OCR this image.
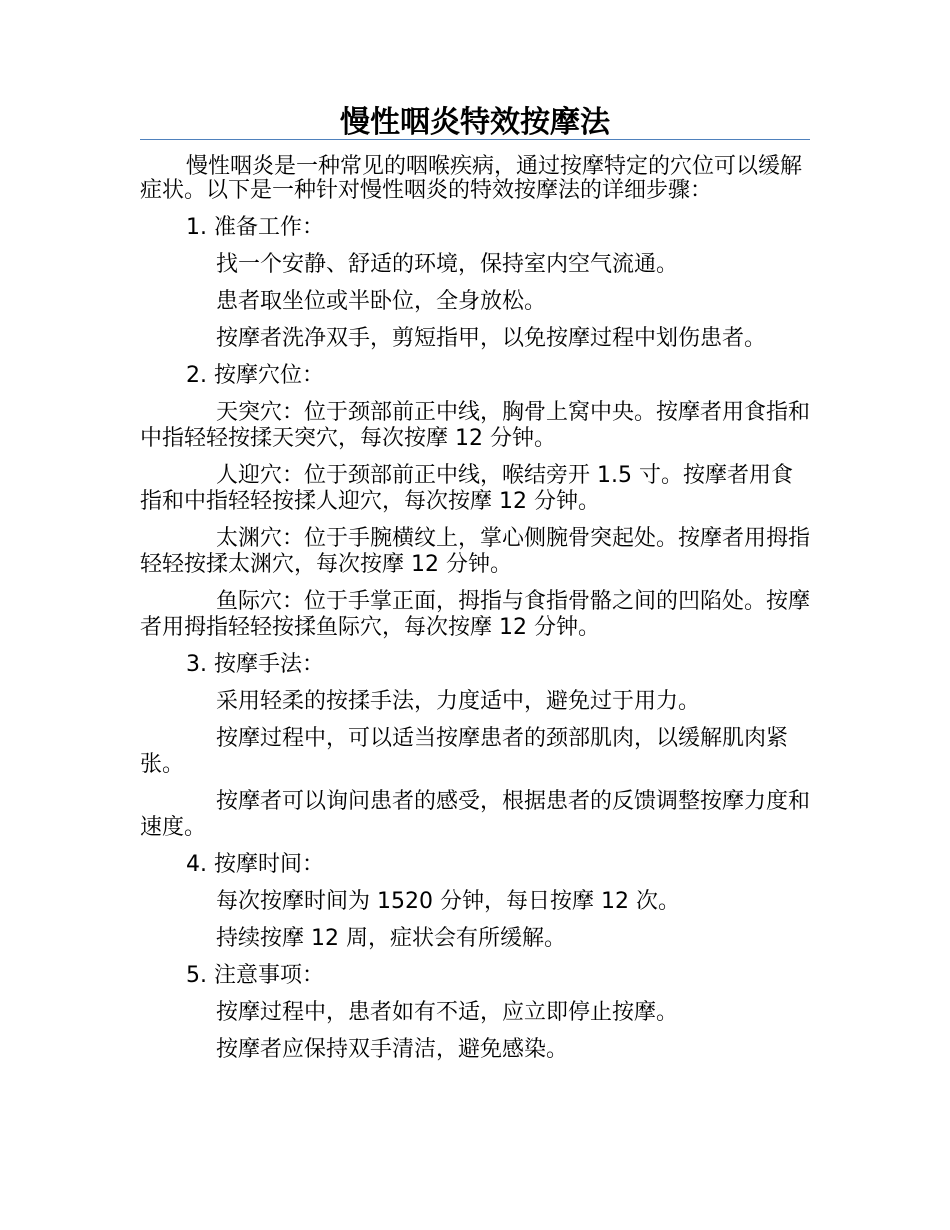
慢性咽炎特效按摩法

慢性咽炎是一种常见的咽喉疾病，通过按摩特定的穴位可以缓解症状。以下是一种针对慢性咽炎的特效按摩法的详细步骤：

1. 准备工作：

找一个安静、舒适的环境，保持室内空气流通。

患者取坐位或半卧位，全身放松。

按摩者洗净双手，剪短指甲，以免按摩过程中划伤患者。

2. 按摩穴位：

天突穴：位于颈部前正中线，胸骨上窝中央。按摩者用食指和中指轻轻按揉天突穴，每次按摩 12 分钟。

人迎穴：位于颈部前正中线，喉结旁开 1.5 寸。按摩者用食指和中指轻轻按揉人迎穴，每次按摩 12 分钟。

太渊穴：位于手腕横纹上，掌心侧腕骨突起处。按摩者用拇指轻轻按揉太渊穴，每次按摩 12 分钟。

鱼际穴：位于手掌正面，拇指与食指骨骼之间的凹陷处。按摩者用拇指轻轻按揉鱼际穴，每次按摩 12 分钟。

3. 按摩手法：

采用轻柔的按揉手法，力度适中，避免过于用力。

按摩过程中，可以适当按摩患者的颈部肌肉，以缓解肌肉紧张。

按摩者可以询问患者的感受，根据患者的反馈调整按摩力度和速度。

4. 按摩时间：

每次按摩时间为 1520 分钟，每日按摩 12 次。

持续按摩 12 周，症状会有所缓解。

5. 注意事项：

按摩过程中，患者如有不适，应立即停止按摩。

按摩者应保持双手清洁，避免感染。
